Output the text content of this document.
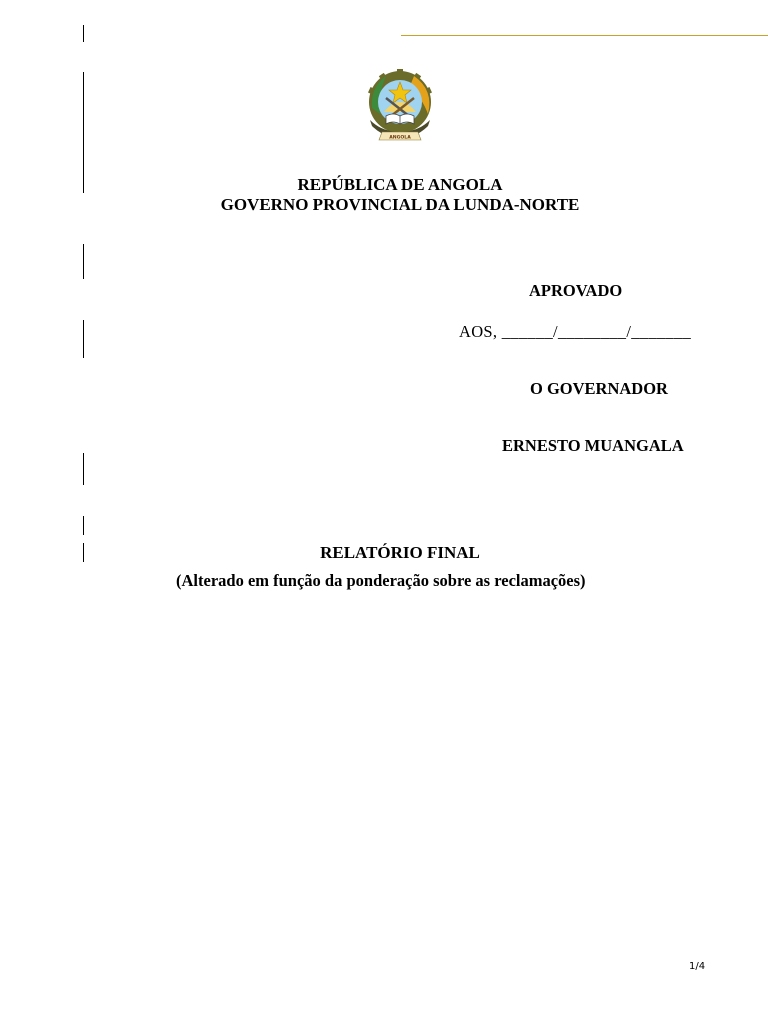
ANGOLA
REPÚBLICA DE ANGOLA
GOVERNO PROVINCIAL DA LUNDA-NORTE
APROVADO
AOS, ______/________/_______
O GOVERNADOR
ERNESTO MUANGALA
RELATÓRIO FINAL
(Alterado em função da ponderação sobre as reclamações)
1/4
